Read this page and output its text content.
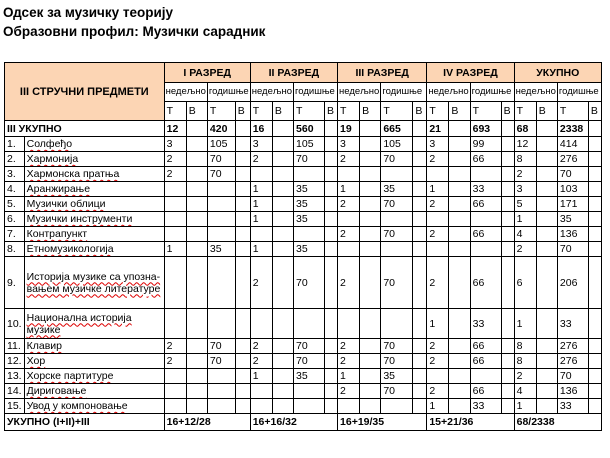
Одсек за музичку теорију
Образовни профил: Музички сарадник
III СТРУЧНИ ПРЕДМЕТИ		I РАЗРЕД				II РАЗРЕД				III РАЗРЕД				IV РАЗРЕД				УКУПНО			
		недељно		годишње		недељно		годишње		недељно		годишње		недељно		годишње		недељно		годишње	
		Т	В	Т	В	Т	В	Т	В	Т	В	Т	В	Т	В	Т	В	Т	В	Т	В
III УКУПНО		12		420		16		560		19		665		21		693		68		2338	
1.	Солфеђо	3		105		3		105		3		105		3		99		12		414	
2.	Хармонија	2		70		2		70		2		70		2		66		8		276	
3.	Хармонска пратња	2		70														2		70	
4.	Аранжирање					1		35		1		35		1		33		3		103	
5.	Музички облици					1		35		2		70		2		66		5		171	
6.	Музички инструменти					1		35										1		35	
7.	Контрапункт									2		70		2		66		4		136	
8.	Етномузикологија	1		35		1		35										2		70	
9.	Историја музике са упозна-вањем музичке литературе					2		70		2		70		2		66		6		206	
10.	Национална историја музике													1		33		1		33	
11.	Клавир	2		70		2		70		2		70		2		66		8		276	
12.	Хор	2		70		2		70		2		70		2		66		8		276	
13.	Хорске партитуре					1		35		1		35						2		70	
14.	Дириговање									2		70		2		66		4		136	
15.	Увод у компоновање													1		33		1		33	
УКУПНО (I+II)+III		16+12/28				16+16/32				16+19/35				15+21/36				68/2338			
